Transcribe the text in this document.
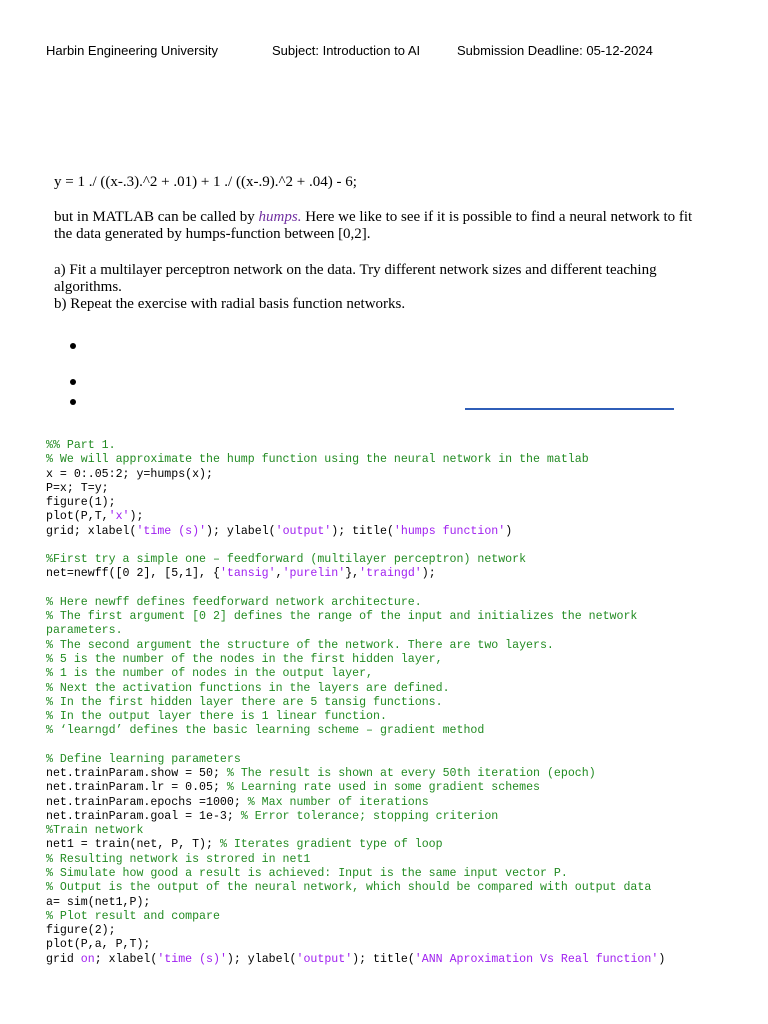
Harbin Engineering University	Subject: Introduction to AI	Submission Deadline: 05-12-2024
y = 1 ./ ((x-.3).^2 + .01) + 1 ./ ((x-.9).^2 + .04) - 6;
but in MATLAB can be called by humps. Here we like to see if it is possible to find a neural network to fit the data generated by humps-function between [0,2].
a) Fit a multilayer perceptron network on the data. Try different network sizes and different teaching algorithms.
b) Repeat the exercise with radial basis function networks.
%% Part 1.
% We will approximate the hump function using the neural network in the matlab
x = 0:.05:2; y=humps(x);
P=x; T=y;
figure(1);
plot(P,T,'x');
grid; xlabel('time (s)'); ylabel('output'); title('humps function')
%First try a simple one – feedforward (multilayer perceptron) network
net=newff([0 2], [5,1], {'tansig','purelin'},'traingd');
% Here newff defines feedforward network architecture.
% The first argument [0 2] defines the range of the input and initializes the network
parameters.
% The second argument the structure of the network. There are two layers.
% 5 is the number of the nodes in the first hidden layer,
% 1 is the number of nodes in the output layer,
% Next the activation functions in the layers are defined.
% In the first hidden layer there are 5 tansig functions.
% In the output layer there is 1 linear function.
% ‘learngd’ defines the basic learning scheme – gradient method
% Define learning parameters
net.trainParam.show = 50; % The result is shown at every 50th iteration (epoch)
net.trainParam.lr = 0.05; % Learning rate used in some gradient schemes
net.trainParam.epochs =1000; % Max number of iterations
net.trainParam.goal = 1e-3; % Error tolerance; stopping criterion
%Train network
net1 = train(net, P, T); % Iterates gradient type of loop
% Resulting network is strored in net1
% Simulate how good a result is achieved: Input is the same input vector P.
% Output is the output of the neural network, which should be compared with output data
a= sim(net1,P);
% Plot result and compare
figure(2);
plot(P,a, P,T);
grid on; xlabel('time (s)'); ylabel('output'); title('ANN Aproximation Vs Real function')
